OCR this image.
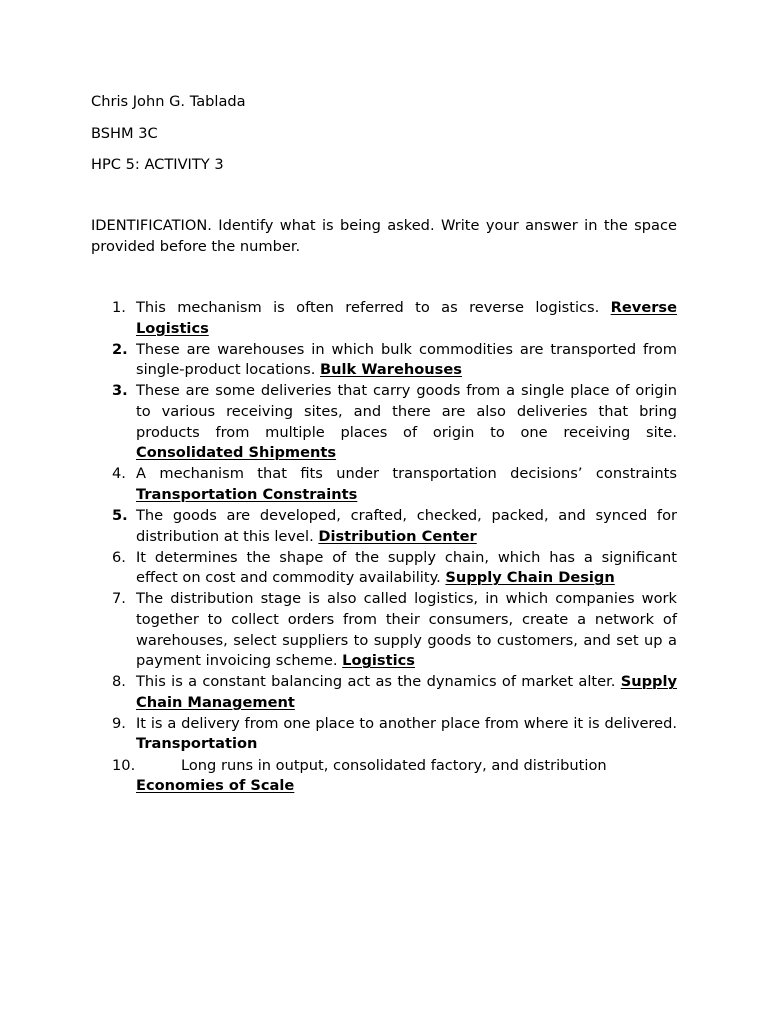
Chris John G. Tablada
BSHM 3C
HPC 5: ACTIVITY 3
IDENTIFICATION. Identify what is being asked. Write your answer in the space provided before the number.
1. This mechanism is often referred to as reverse logistics. Reverse Logistics
2. These are warehouses in which bulk commodities are transported from single-product locations. Bulk Warehouses
3. These are some deliveries that carry goods from a single place of origin to various receiving sites, and there are also deliveries that bring products from multiple places of origin to one receiving site. Consolidated Shipments
4. A mechanism that fits under transportation decisions’ constraints Transportation Constraints
5. The goods are developed, crafted, checked, packed, and synced for distribution at this level. Distribution Center
6. It determines the shape of the supply chain, which has a significant effect on cost and commodity availability. Supply Chain Design
7. The distribution stage is also called logistics, in which companies work together to collect orders from their consumers, create a network of warehouses, select suppliers to supply goods to customers, and set up a payment invoicing scheme. Logistics
8. This is a constant balancing act as the dynamics of market alter. Supply Chain Management
9. It is a delivery from one place to another place from where it is delivered. Transportation
10.	Long runs in output, consolidated factory, and distributionEconomies of Scale
